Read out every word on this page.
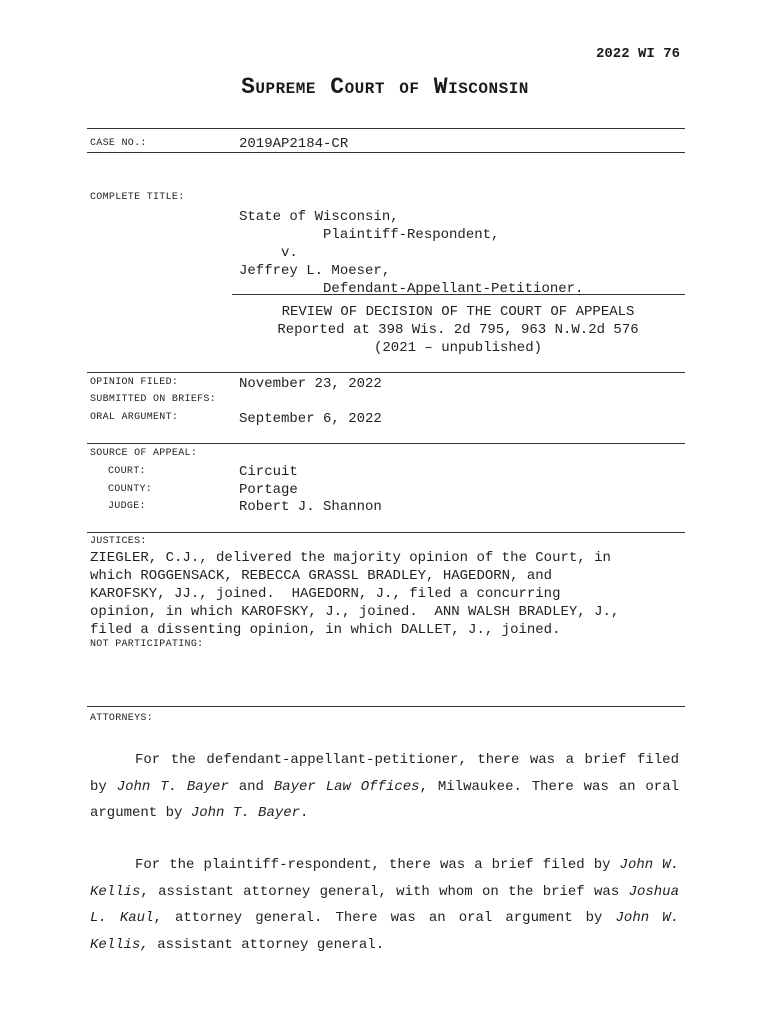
2022 WI 76
Supreme Court of Wisconsin
CASE NO.:	2019AP2184-CR
COMPLETE TITLE:

State of Wisconsin,
Plaintiff-Respondent,
v.
Jeffrey L. Moeser,
Defendant-Appellant-Petitioner.
REVIEW OF DECISION OF THE COURT OF APPEALS
Reported at 398 Wis. 2d 795, 963 N.W.2d 576
(2021 – unpublished)
OPINION FILED:	November 23, 2022
SUBMITTED ON BRIEFS:
ORAL ARGUMENT:	September 6, 2022
SOURCE OF APPEAL:
COURT:	Circuit
COUNTY:	Portage
JUDGE:	Robert J. Shannon
JUSTICES:
ZIEGLER, C.J., delivered the majority opinion of the Court, in
which ROGGENSACK, REBECCA GRASSL BRADLEY, HAGEDORN, and
KAROFSKY, JJ., joined.  HAGEDORN, J., filed a concurring
opinion, in which KAROFSKY, J., joined.  ANN WALSH BRADLEY, J.,
filed a dissenting opinion, in which DALLET, J., joined.
NOT PARTICIPATING:
ATTORNEYS:
For the defendant-appellant-petitioner, there was a brief filed by John T. Bayer and Bayer Law Offices, Milwaukee. There was an oral argument by John T. Bayer.
For the plaintiff-respondent, there was a brief filed by John W. Kellis, assistant attorney general, with whom on the brief was Joshua L. Kaul, attorney general. There was an oral argument by John W. Kellis, assistant attorney general.
